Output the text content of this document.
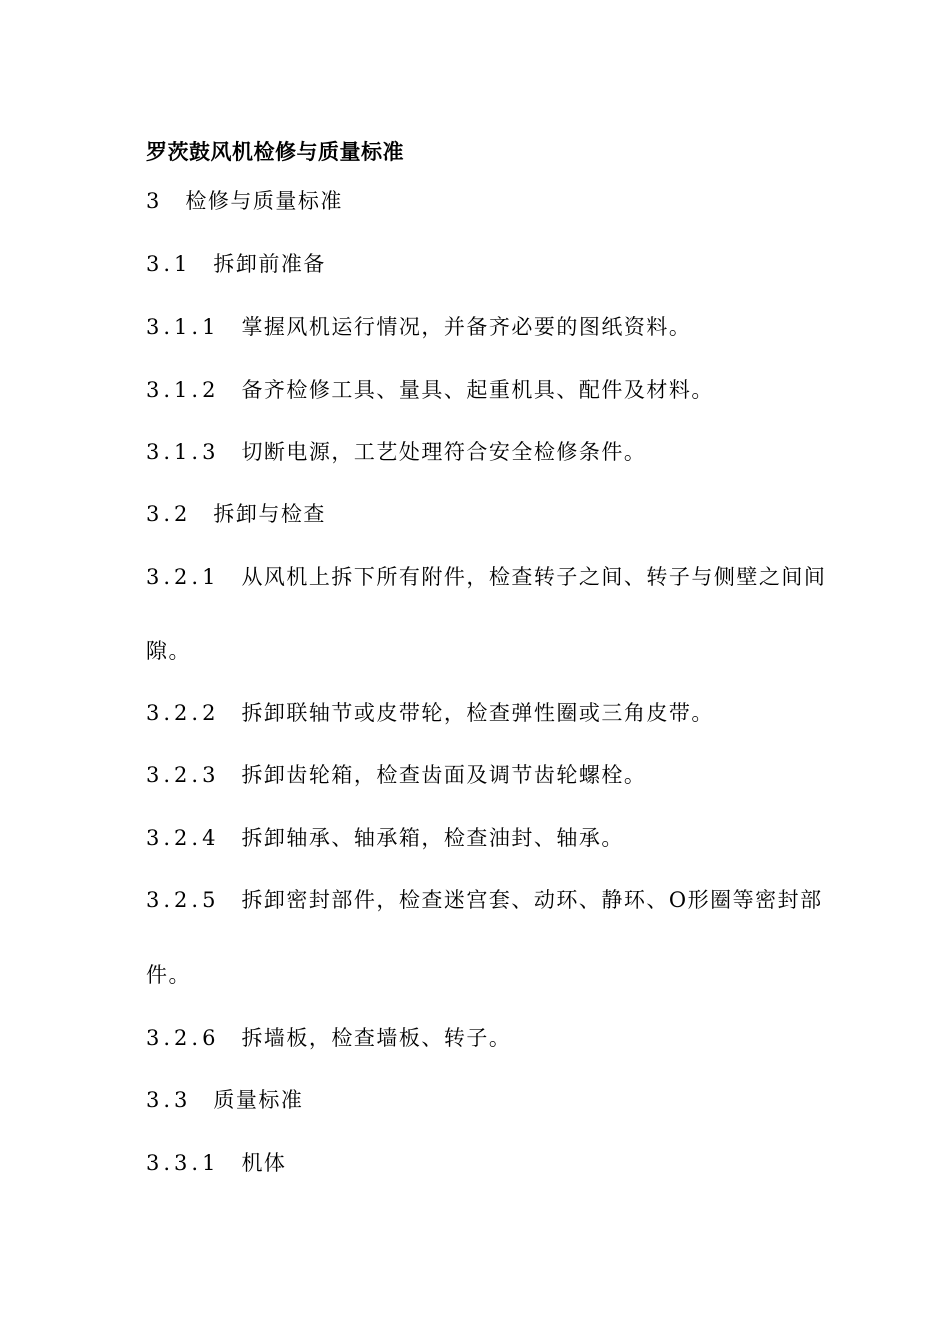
罗茨鼓风机检修与质量标准
3 检修与质量标准
3.1 拆卸前准备
3.1.1 掌握风机运行情况，并备齐必要的图纸资料。
3.1.2 备齐检修工具、量具、起重机具、配件及材料。
3.1.3 切断电源，工艺处理符合安全检修条件。
3.2 拆卸与检查
3.2.1 从风机上拆下所有附件，检查转子之间、转子与侧壁之间间
隙。
3.2.2 拆卸联轴节或皮带轮，检查弹性圈或三角皮带。
3.2.3 拆卸齿轮箱，检查齿面及调节齿轮螺栓。
3.2.4 拆卸轴承、轴承箱，检查油封、轴承。
3.2.5 拆卸密封部件，检查迷宫套、动环、静环、O形圈等密封部
件。
3.2.6 拆墙板，检查墙板、转子。
3.3 质量标准
3.3.1 机体
